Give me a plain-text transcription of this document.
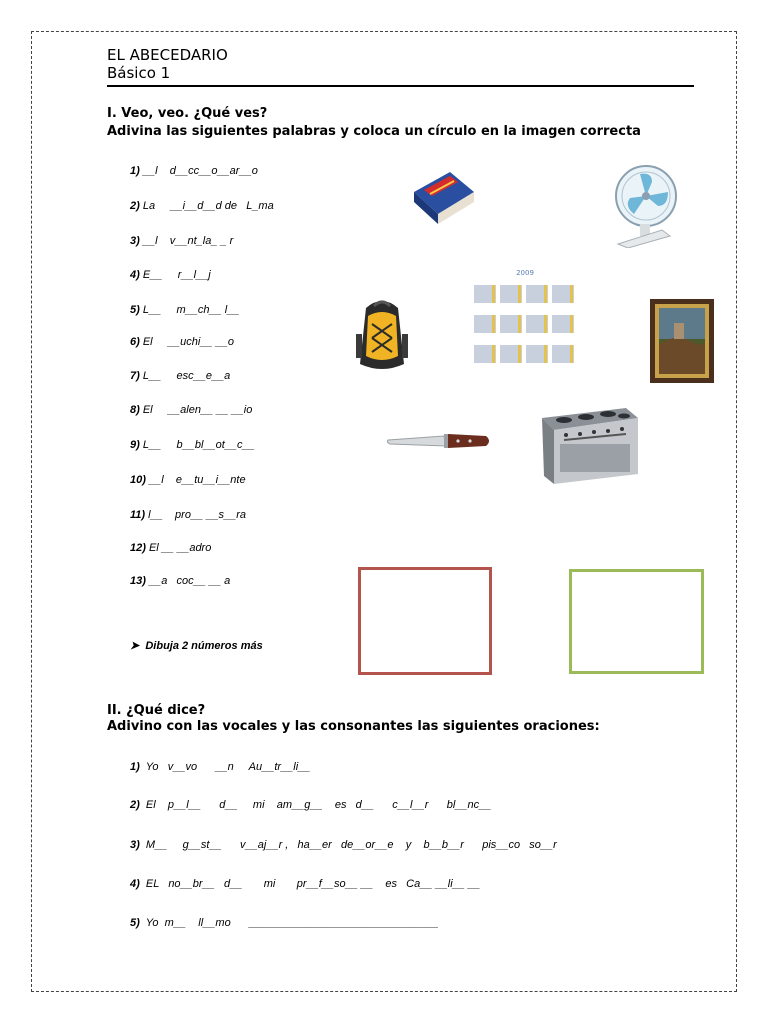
EL ABECEDARIO
Básico 1
I. Veo, veo. ¿Qué ves?
Adivina las siguientes palabras y coloca un círculo en la imagen correcta
1) __l    d__cc__o__ar__o
2) La     __i__d__d de   L_ma
3) __l    v__nt_la_ _ r
4) E__     r__l__j
5) L__     m__ch__ l__
6) El     __uchi__ __o
7) L__     esc__e__a
8) El     __alen__ __ __io
9) L__     b__bl__ot__c__
10) __l    e__tu__i__nte
11) l__    pro__ __s__ra
12) El __ __adro
13) __a   coc__ __ a
➤ Dibuja 2 números más
2009
II. ¿Qué dice?
Adivino con las vocales y las consonantes las siguientes oraciones:
1)  Yo   v__vo      __n     Au__tr__li__
2)  El    p__l__      d__     mi    am__g__    es   d__      c__l__r      bl__nc__
3)  M__     g__st__      v__aj__r ,   ha__er   de__or__e    y    b__b__r      pis__co   so__r
4)  EL   no__br__   d__       mi       pr__f__so__ __    es   Ca__ __li__ __
5)  Yo  m__    ll__mo      _______________________________
